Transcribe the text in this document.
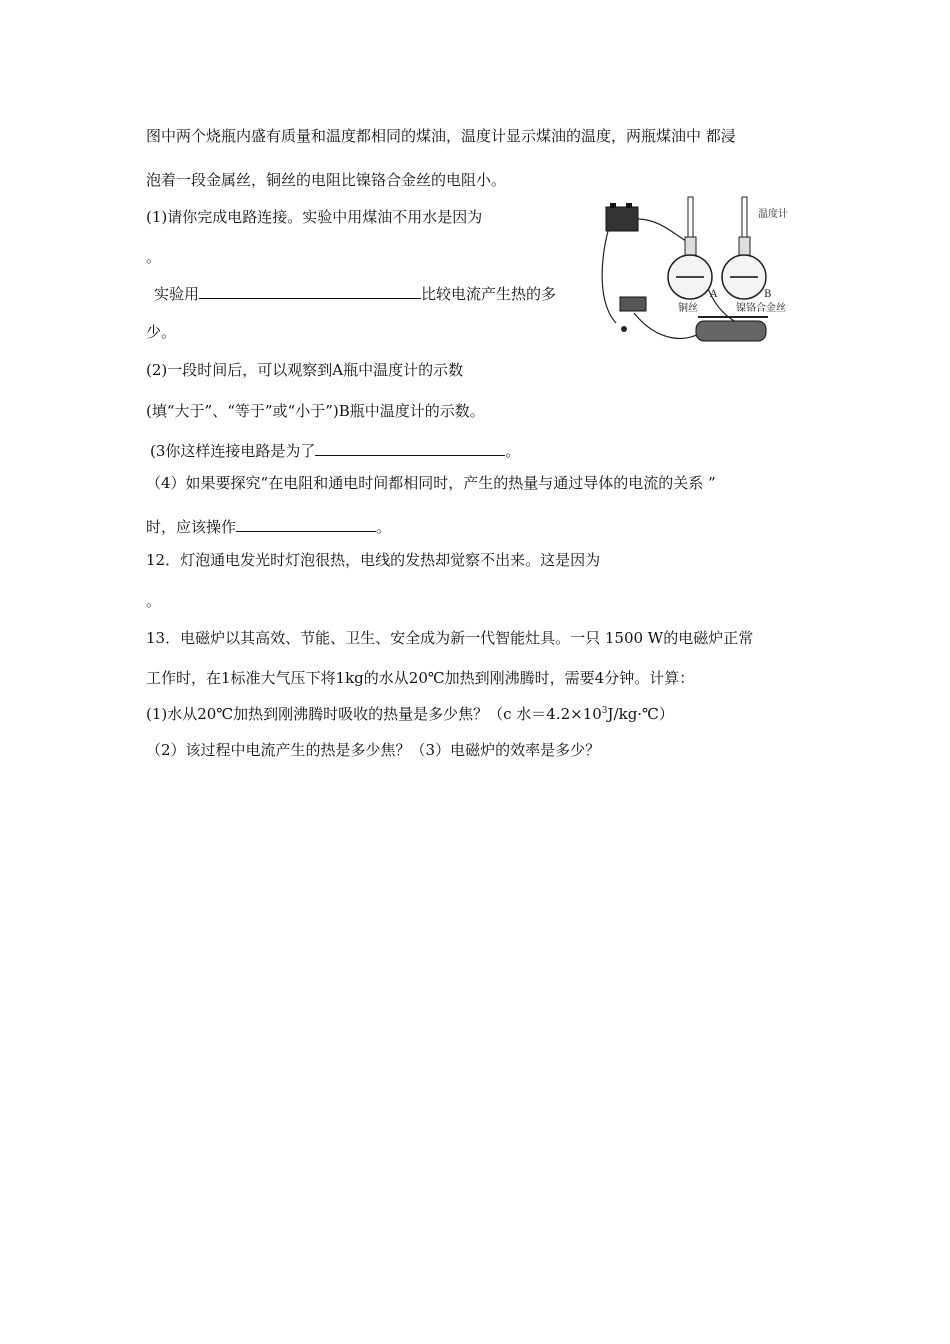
图中两个烧瓶内盛有质量和温度都相同的煤油，温度计显示煤油的温度，两瓶煤油中 都浸
泡着一段金属丝，铜丝的电阻比镍铬合金丝的电阻小。
(1)请你完成电路连接。实验中用煤油不用水是因为
。
实验用	比较电流产生热的多
少。
(2)一段时间后，可以观察到A瓶中温度计的示数
(填“大于”、“等于”或“小于”)B瓶中温度计的示数。
(3你这样连接电路是为了	。
（4）如果要探究“在电阻和通电时间都相同时，产生的热量与通过导体的电流的关系 ”
时，应该操作	。
12．灯泡通电发光时灯泡很热，电线的发热却觉察不出来。这是因为
。
13．电磁炉以其高效、节能、卫生、安全成为新一代智能灶具。一只 1500 W的电磁炉正常
工作时，在1标准大气压下将1kg的水从20℃加热到刚沸腾时，需要4分钟。计算：
(1)水从20℃加热到刚沸腾时吸收的热量是多少焦？（c 水$=4.2\times 10^3J/kg\cdot℃$）
（2）该过程中电流产生的热是多少焦？（3）电磁炉的效率是多少？
温度计
A	B
铜丝	镍铬合金丝
